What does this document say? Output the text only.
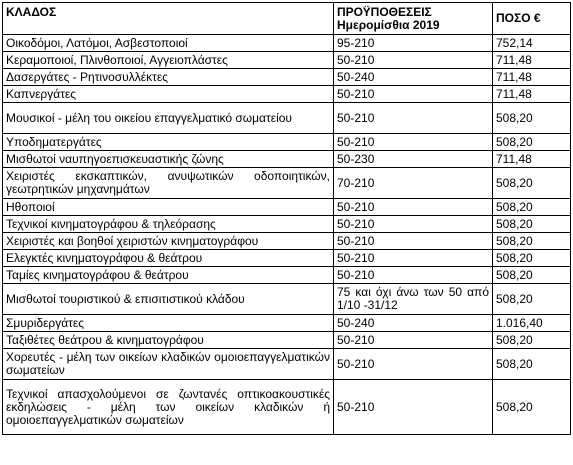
ΚΛΑΔΟΣ	ΠΡΟΫΠΟΘΕΣΕΙΣ Ημερομίσθια 2019	ΠΟΣΟ €
Οικοδόμοι, Λατόμοι, Ασβεστοποιοί	95-210	752,14
Κεραμοποιοί, Πλινθοποιοί, Αγγειοπλάστες	50-210	711,48
Δασεργάτες - Ρητινοσυλλέκτες	50-240	711,48
Καπνεργάτες	50-210	711,48
Μουσικοί - μέλη του οικείου επαγγελματικό σωματείου	50-210	508,20
Υποδηματεργάτες	50-210	508,20
Μισθωτοί ναυπηγοεπισκευαστικής ζώνης	50-230	711,48
Χειριστές εκσκαπτικών, ανυψωτικών οδοποιητικών, γεωτρητικών μηχανημάτων	70-210	508,20
Ηθοποιοί	50-210	508,20
Τεχνικοί κινηματογράφου & τηλεόρασης	50-210	508,20
Χειριστές και βοηθοί χειριστών κινηματογράφου	50-210	508,20
Ελεγκτές κινηματογράφου & θεάτρου	50-210	508,20
Ταμίες κινηματογράφου & θεάτρου	50-210	508,20
Μισθωτοί τουριστικού & επισιτιστικού κλάδου	75 και όχι άνω των 50 από 1/10 -31/12	508,20
Σμυριδεργάτες	50-240	1.016,40
Ταξιθέτες θεάτρου & κινηματογράφου	50-210	508,20
Χορευτές - μέλη των οικείων κλαδικών ομοιοεπαγγελματικών σωματείων	50-210	508,20
Τεχνικοί απασχολούμενοι σε ζωντανές οπτικοακουστικές εκδηλώσεις - μέλη των οικείων κλαδικών ή ομοιοεπαγγελματικών σωματείων	50-210	508,20
